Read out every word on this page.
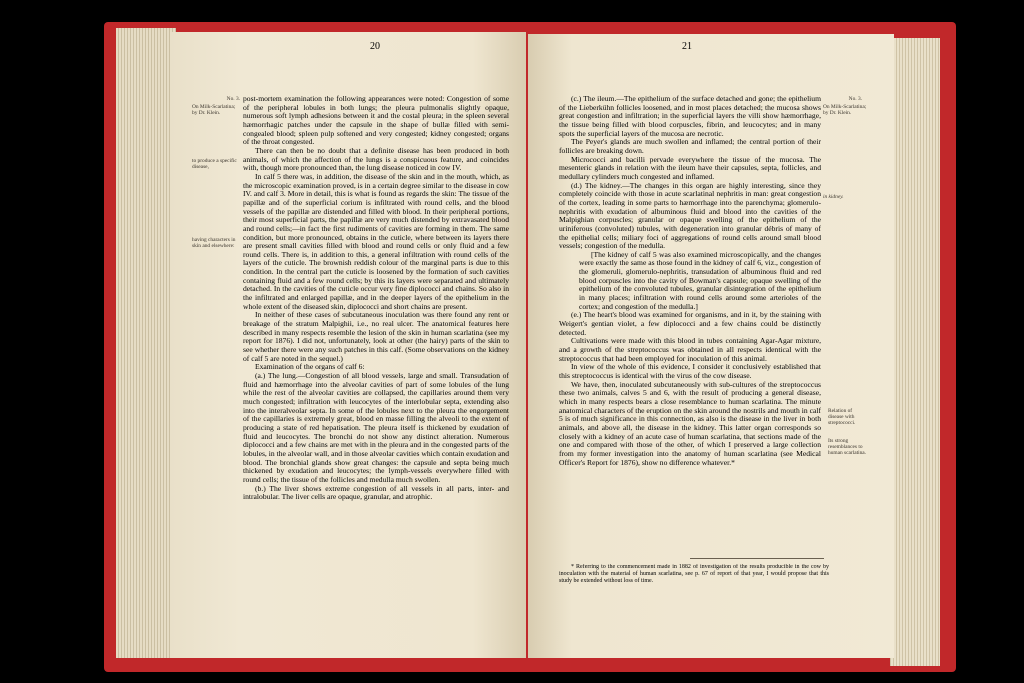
20
No. 3.
On Milk-Scarlatina; by Dr. Klein.
to produce a specific disease,
having characters in skin and elsewhere:

post-mortem examination the following appearances were noted: Congestion of some of the peripheral lobules in both lungs; the pleura pulmonalis slightly opaque, numerous soft lymph adhesions between it and the costal pleura; in the spleen several hæmorrhagic patches under the capsule in the shape of bullæ filled with semi-congealed blood; spleen pulp softened and very congested; kidney congested; organs of the throat congested.

There can then be no doubt that a definite disease has been produced in both animals, of which the affection of the lungs is a conspicuous feature, and coincides with, though more pronounced than, the lung disease noticed in cow IV.

In calf 5 there was, in addition, the disease of the skin and in the mouth, which, as the microscopic examination proved, is in a certain degree similar to the disease in cow IV. and calf 3. More in detail, this is what is found as regards the skin: The tissue of the papillæ and of the superficial corium is infiltrated with round cells, and the blood vessels of the papillæ are distended and filled with blood. In their peripheral portions, their most superficial parts, the papillæ are very much distended by extravasated blood and round cells;—in fact the first rudiments of cavities are forming in them. The same condition, but more pronounced, obtains in the cuticle, where between its layers there are present small cavities filled with blood and round cells or only fluid and a few round cells. There is, in addition to this, a general infiltration with round cells of the layers of the cuticle. The brownish reddish colour of the marginal parts is due to this condition. In the central part the cuticle is loosened by the formation of such cavities containing fluid and a few round cells; by this its layers were separated and ultimately detached. In the cavities of the cuticle occur very fine diplococci and chains. So also in the infiltrated and enlarged papillæ, and in the deeper layers of the epithelium in the whole extent of the diseased skin, diplococci and short chains are present.

In neither of these cases of subcutaneous inoculation was there found any rent or breakage of the stratum Malpighii, i.e., no real ulcer. The anatomical features here described in many respects resemble the lesion of the skin in human scarlatina (see my report for 1876). I did not, unfortunately, look at other (the hairy) parts of the skin to see whether there were any such patches in this calf. (Some observations on the kidney of calf 5 are noted in the sequel.)

Examination of the organs of calf 6:

(a.) The lung.—Congestion of all blood vessels, large and small. Transudation of fluid and hæmorrhage into the alveolar cavities of part of some lobules of the lung while the rest of the alveolar cavities are collapsed, the capillaries around them very much congested; infiltration with leucocytes of the interlobular septa, extending also into the interalveolar septa. In some of the lobules next to the pleura the engorgement of the capillaries is extremely great, blood en masse filling the alveoli to the extent of producing a state of red hepatisation. The pleura itself is thickened by exudation of fluid and leucocytes. The bronchi do not show any distinct alteration. Numerous diplococci and a few chains are met with in the pleura and in the congested parts of the lobules, in the alveolar wall, and in those alveolar cavities which contain exudation and blood. The bronchial glands show great changes: the capsule and septa being much thickened by exudation and leucocytes; the lymph-vessels everywhere filled with round cells; the tissue of the follicles and medulla much swollen.

(b.) The liver shows extreme congestion of all vessels in all parts, inter- and intralobular. The liver cells are opaque, granular, and atrophic.

21
No. 3.
On Milk-Scarlatina; by Dr. Klein.
in kidney.
Relation of disease with streptococci.
Its strong resemblances to human scarlatina.

(c.) The ileum.—The epithelium of the surface detached and gone; the epithelium of the Lieberkühn follicles loosened, and in most places detached; the mucosa shows great congestion and infiltration; in the superficial layers the villi show hæmorrhage, the tissue being filled with blood corpuscles, fibrin, and leucocytes; and in many spots the superficial layers of the mucosa are necrotic.

The Peyer's glands are much swollen and inflamed; the central portion of their follicles are breaking down.

Micrococci and bacilli pervade everywhere the tissue of the mucosa. The mesenteric glands in relation with the ileum have their capsules, septa, follicles, and medullary cylinders much congested and inflamed.

(d.) The kidney.—The changes in this organ are highly interesting, since they completely coincide with those in acute scarlatinal nephritis in man: great congestion of the cortex, leading in some parts to hæmorrhage into the parenchyma; glomerulo-nephritis with exudation of albuminous fluid and blood into the cavities of the Malpighian corpuscles; granular or opaque swelling of the epithelium of the uriniferous (convoluted) tubules, with degeneration into granular débris of many of the epithelial cells; miliary foci of aggregations of round cells around small blood vessels; congestion of the medulla.

[The kidney of calf 5 was also examined microscopically, and the changes were exactly the same as those found in the kidney of calf 6, viz., congestion of the glomeruli, glomerulo-nephritis, transudation of albuminous fluid and red blood corpuscles into the cavity of Bowman's capsule; opaque swelling of the epithelium of the convoluted tubules, granular disintegration of the epithelium in many places; infiltration with round cells around some arterioles of the cortex; and congestion of the medulla.]

(e.) The heart's blood was examined for organisms, and in it, by the staining with Weigert's gentian violet, a few diplococci and a few chains could be distinctly detected.

Cultivations were made with this blood in tubes containing Agar-Agar mixture, and a growth of the streptococcus was obtained in all respects identical with the streptococcus that had been employed for inoculation of this animal.

In view of the whole of this evidence, I consider it conclusively established that this streptococcus is identical with the virus of the cow disease.

We have, then, inoculated subcutaneously with sub-cultures of the streptococcus these two animals, calves 5 and 6, with the result of producing a general disease, which in many respects bears a close resemblance to human scarlatina. The minute anatomical characters of the eruption on the skin around the nostrils and mouth in calf 5 is of much significance in this connection, as also is the disease in the liver in both animals, and above all, the disease in the kidney. This latter organ corresponds so closely with a kidney of an acute case of human scarlatina, that sections made of the one and compared with those of the other, of which I preserved a large collection from my former investigation into the anatomy of human scarlatina (see Medical Officer's Report for 1876), show no difference whatever.*

* Referring to the commencement made in 1882 of investigation of the results producible in the cow by inoculation with the material of human scarlatina, see p. 67 of report of that year, I would propose that this study be extended without loss of time.
